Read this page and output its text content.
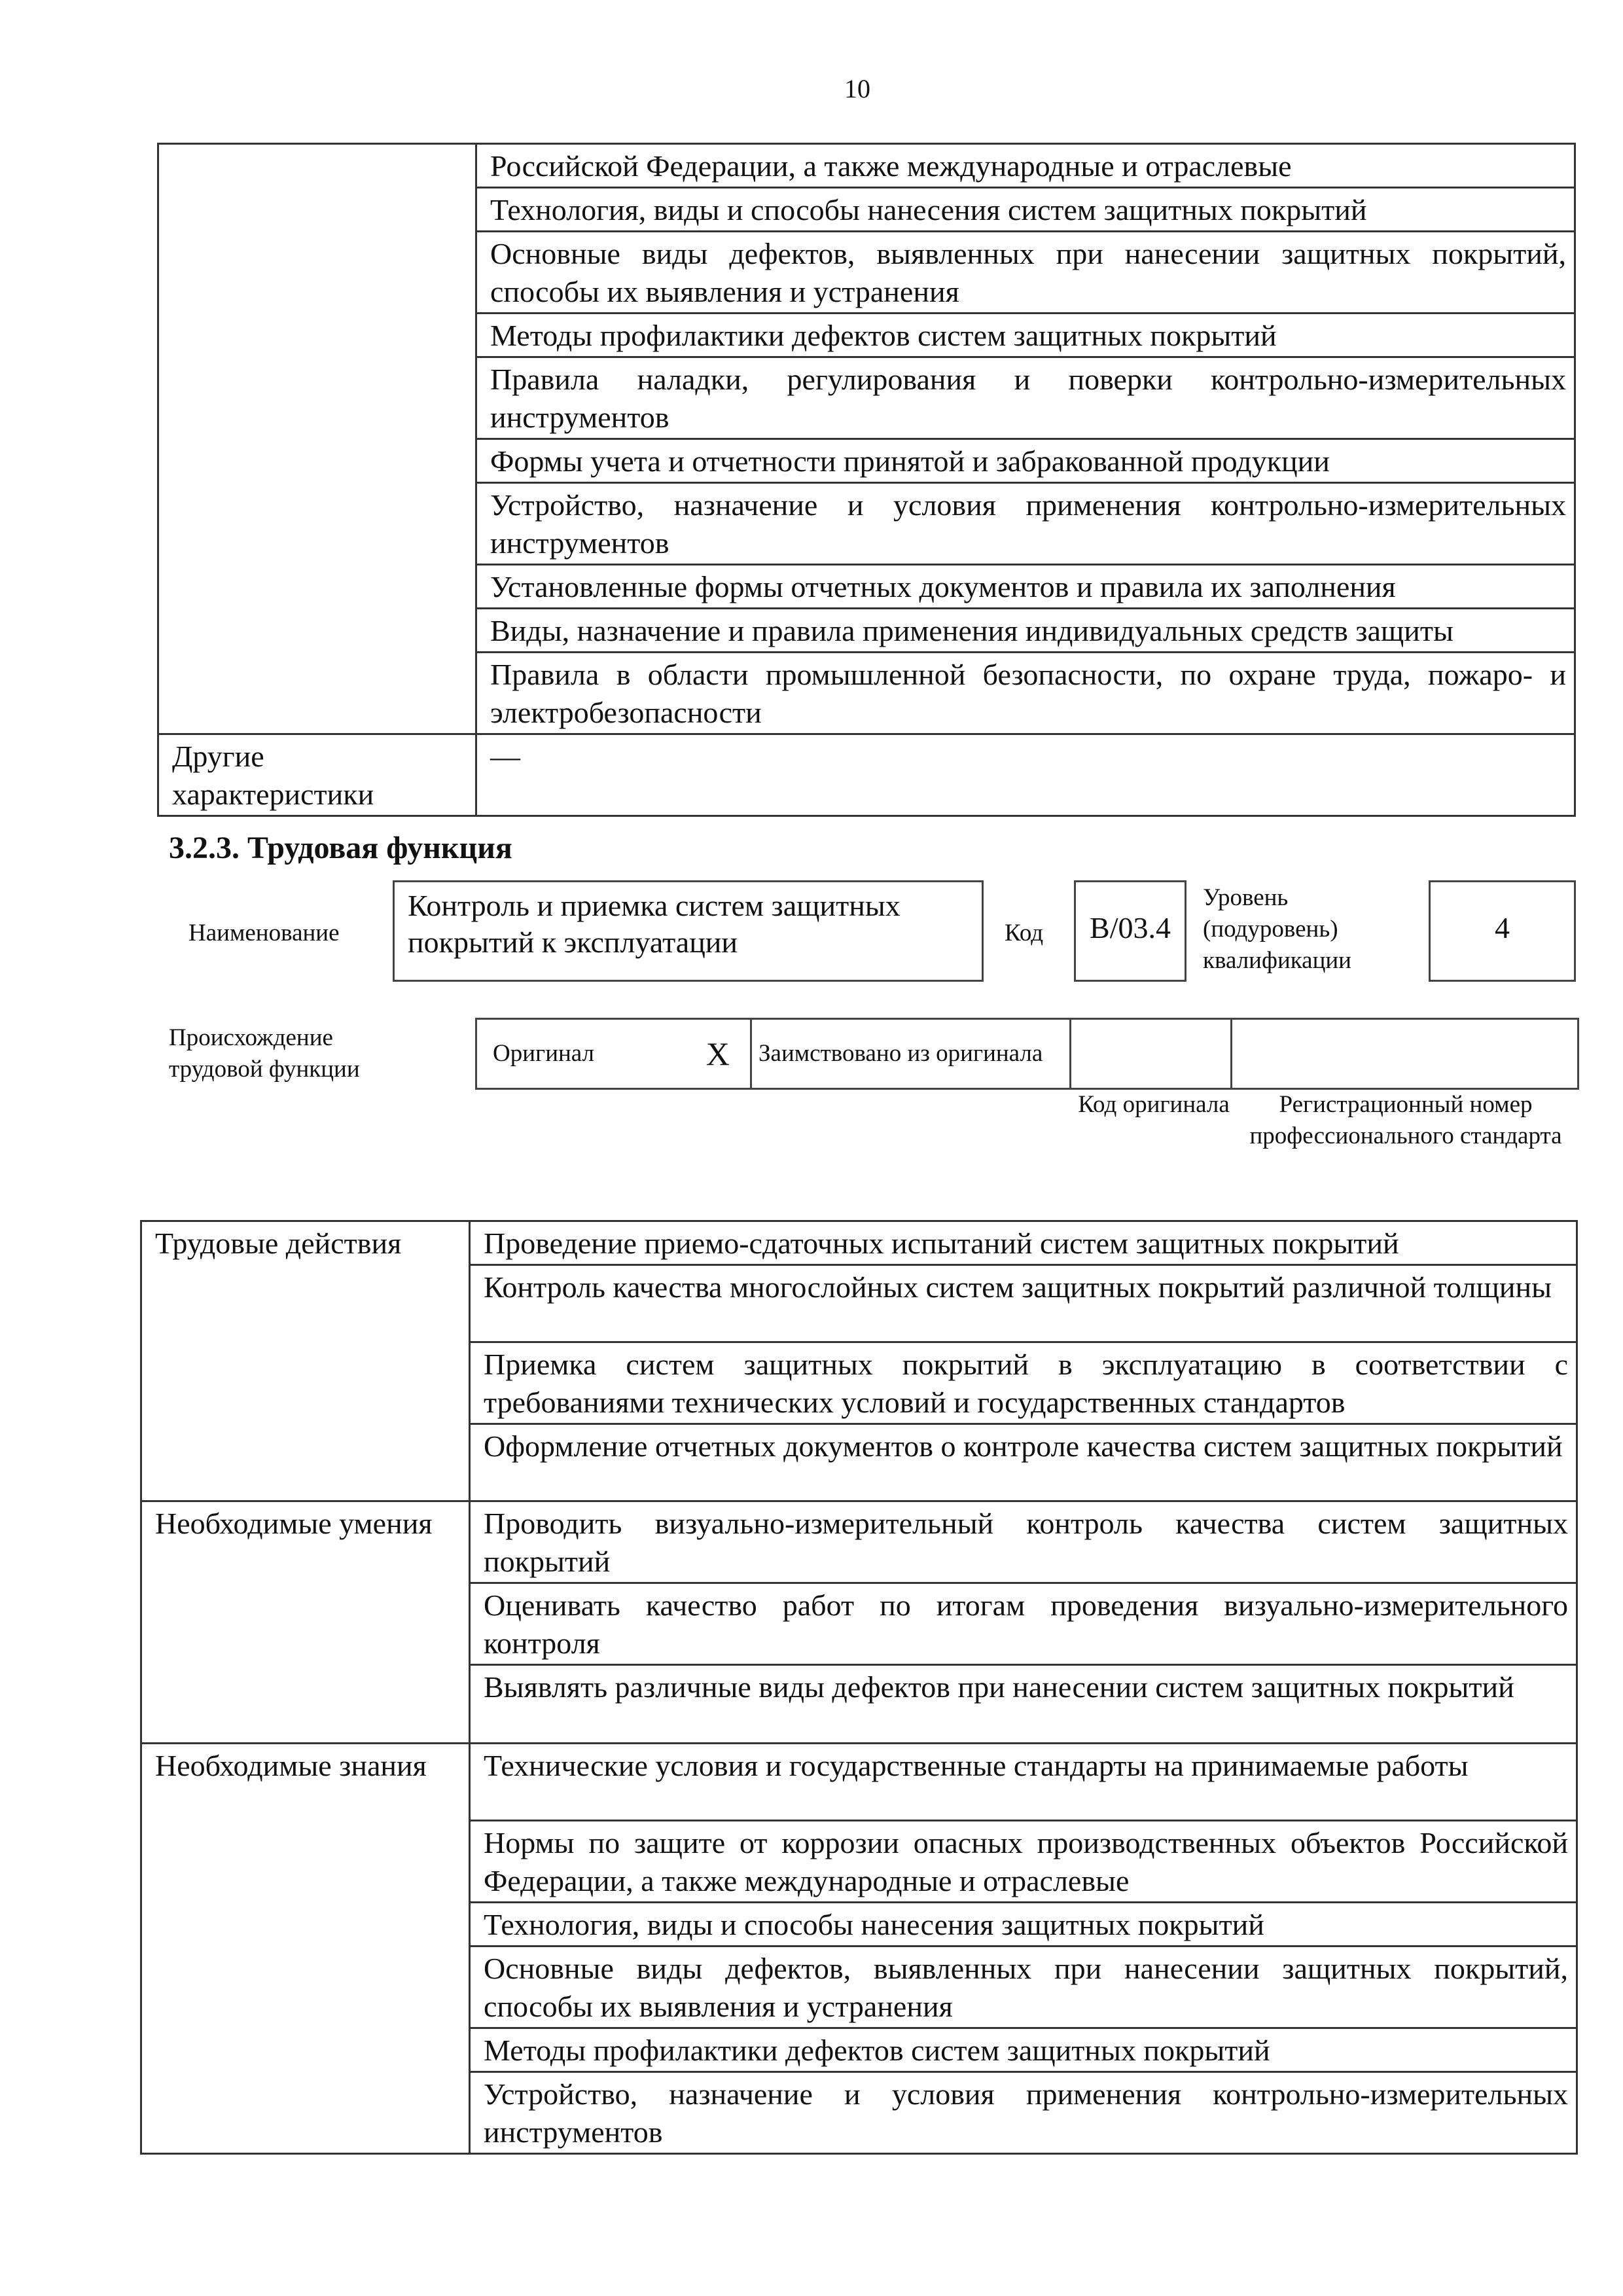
10
	Российской Федерации, а также международные и отраслевые
	Технология, виды и способы нанесения систем защитных покрытий
	Основные виды дефектов, выявленных при нанесении защитных покрытий, способы их выявления и устранения
	Методы профилактики дефектов систем защитных покрытий
	Правила наладки, регулирования и поверки контрольно-измерительных инструментов
	Формы учета и отчетности принятой и забракованной продукции
	Устройство, назначение и условия применения контрольно-измерительных инструментов
	Установленные формы отчетных документов и правила их заполнения
	Виды, назначение и правила применения индивидуальных средств защиты
	Правила в области промышленной безопасности, по охране труда, пожаро- и электробезопасности
Другие характеристики	—
3.2.3. Трудовая функция
Наименование
Контроль и приемка систем защитных покрытий к эксплуатации	Код	B/03.4
Уровень (подуровень) квалификации
4
Происхождение трудовой функции
Оригинал	X	Заимствовано из оригинала		
Код оригинала	Регистрационный номер профессионального стандарта
Трудовые действия	Проведение приемо-сдаточных испытаний систем защитных покрытий
	Контроль качества многослойных систем защитных покрытий различной толщины
	Приемка систем защитных покрытий в эксплуатацию в соответствии с требованиями технических условий и государственных стандартов
	Оформление отчетных документов о контроле качества систем защитных покрытий
Необходимые умения	Проводить визуально-измерительный контроль качества систем защитных покрытий
	Оценивать качество работ по итогам проведения визуально-измерительного контроля
	Выявлять различные виды дефектов при нанесении систем защитных покрытий
Необходимые знания	Технические условия и государственные стандарты на принимаемые работы
	Нормы по защите от коррозии опасных производственных объектов Российской Федерации, а также международные и отраслевые
	Технология, виды и способы нанесения защитных покрытий
	Основные виды дефектов, выявленных при нанесении защитных покрытий, способы их выявления и устранения
	Методы профилактики дефектов систем защитных покрытий
	Устройство, назначение и условия применения контрольно-измерительных инструментов
